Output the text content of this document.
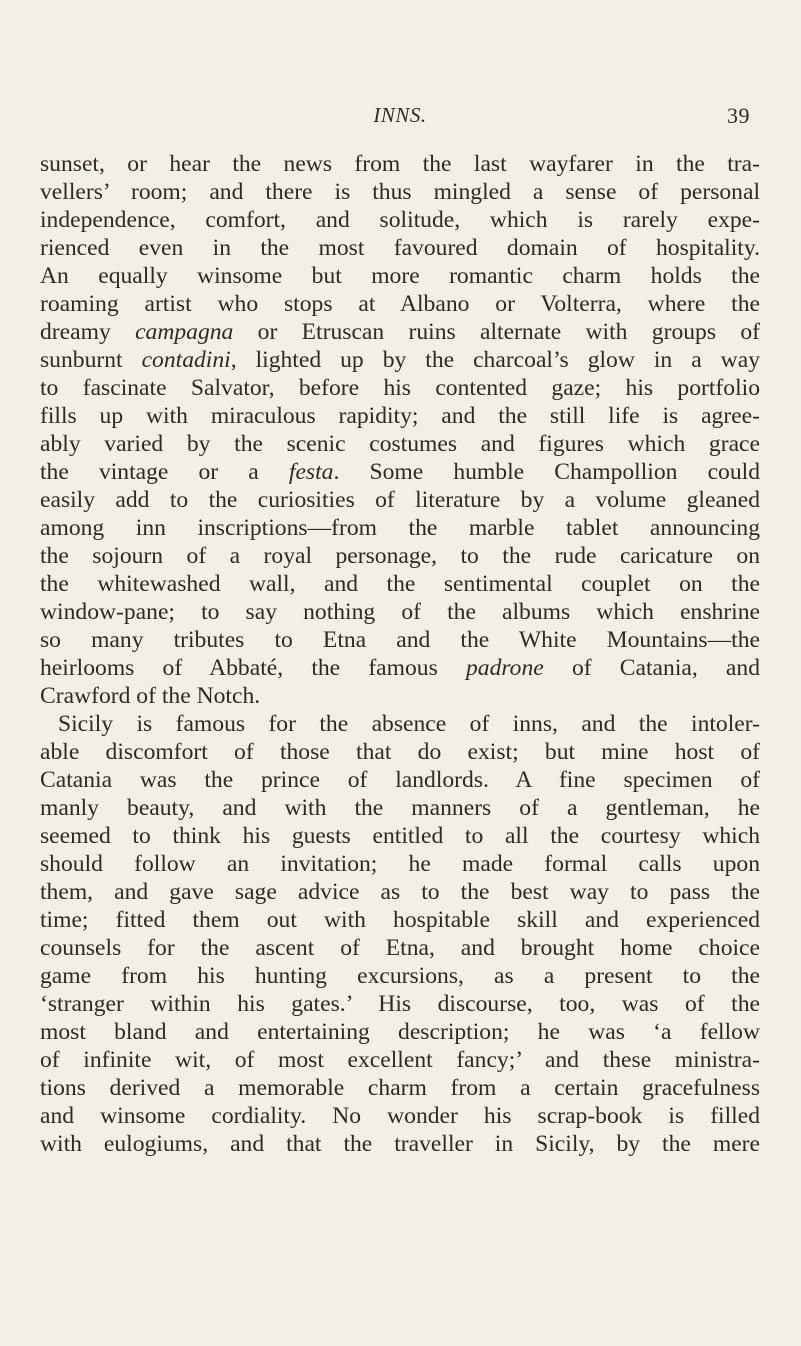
INNS.	39
sunset, or hear the news from the last wayfarer in the tra-
vellers’ room; and there is thus mingled a sense of personal
independence, comfort, and solitude, which is rarely expe-
rienced even in the most favoured domain of hospitality.
An equally winsome but more romantic charm holds the
roaming artist who stops at Albano or Volterra, where the
dreamy campagna or Etruscan ruins alternate with groups of
sunburnt contadini, lighted up by the charcoal’s glow in a way
to fascinate Salvator, before his contented gaze; his portfolio
fills up with miraculous rapidity; and the still life is agree-
ably varied by the scenic costumes and figures which grace
the vintage or a festa. Some humble Champollion could
easily add to the curiosities of literature by a volume gleaned
among inn inscriptions—from the marble tablet announcing
the sojourn of a royal personage, to the rude caricature on
the whitewashed wall, and the sentimental couplet on the
window-pane; to say nothing of the albums which enshrine
so many tributes to Etna and the White Mountains—the
heirlooms of Abbaté, the famous padrone of Catania, and
Crawford of the Notch.
Sicily is famous for the absence of inns, and the intoler-
able discomfort of those that do exist; but mine host of
Catania was the prince of landlords. A fine specimen of
manly beauty, and with the manners of a gentleman, he
seemed to think his guests entitled to all the courtesy which
should follow an invitation; he made formal calls upon
them, and gave sage advice as to the best way to pass the
time; fitted them out with hospitable skill and experienced
counsels for the ascent of Etna, and brought home choice
game from his hunting excursions, as a present to the
‘stranger within his gates.’ His discourse, too, was of the
most bland and entertaining description; he was ‘a fellow
of infinite wit, of most excellent fancy;’ and these ministra-
tions derived a memorable charm from a certain gracefulness
and winsome cordiality. No wonder his scrap-book is filled
with eulogiums, and that the traveller in Sicily, by the mere
